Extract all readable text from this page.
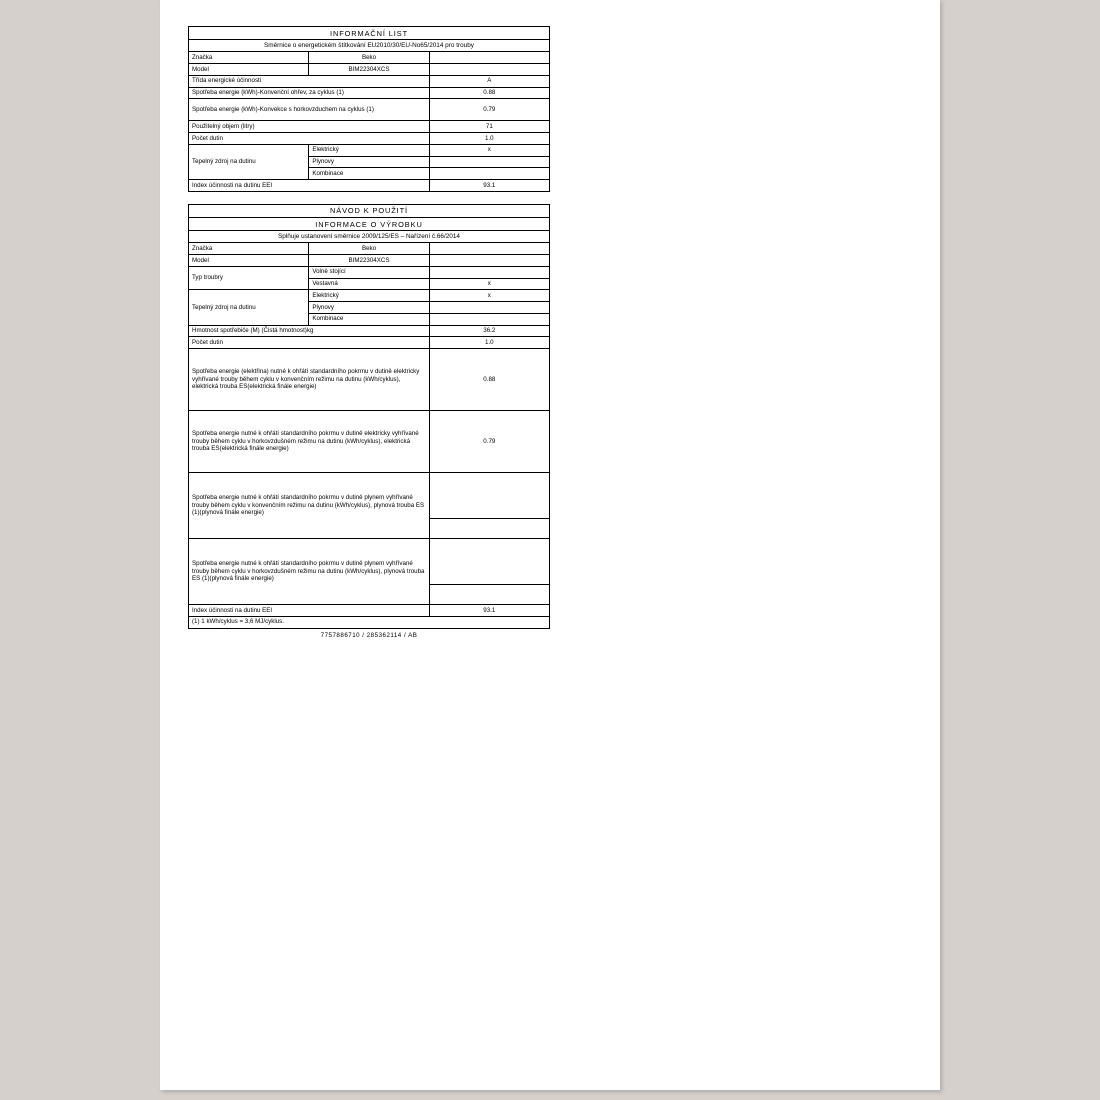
INFORMAČNÍ LIST		
Směrnice o energetickém štítkování EU2010/30/EU-No65/2014 pro trouby		
Značka	Beko	
Model	BIM22304XCS	
Třída energické účinnosti		A
Spotřeba energie (kWh)-Konvenční ohřev, za cyklus (1)		0.88
Spotřeba energie (kWh)-Konvekce s horkovzduchem na cyklus (1)		0.79
Použitelný objem (litry)		71
Počet dutin		1.0
Tepelný zdroj na dutinu	Elektrický	x
	Plynovy	
	Kombinace	
Index účinnosti na dutinu EEI		93.1
NÁVOD K POUŽITÍ		
INFORMACE O VÝROBKU		
Splňuje ustanovení směrnice 2009/125/ES – Nařízení č.66/2014		
Značka	Beko	
Model	BIM22304XCS	
Typ troubry	Volně stojící	
	Vestavná	x
Tepelný zdroj na dutinu	Elektrický	x
	Plynovy	
	Kombinace	
Hmotnost spotřebiče (M) (Čistá hmotnost)kg		36.2
Počet dutin		1.0
Spotřeba energie (elektřina) nutné k ohřátí standardního pokrmu v dutině elektricky vyhřívané trouby během cyklu v konvenčním režimu na dutinu (kWh/cyklus), elektrická trouba ES(elektrická finále energie)		0.88
Spotřeba energie nutné k ohřátí standardního pokrmu v dutině elektricky vyhřívané trouby během cyklu v horkovzdušném režimu na dutinu (kWh/cyklus), elektrická trouba ES(elektrická finále energie)		0.79
Spotřeba energie nutné k ohřátí standardního pokrmu v dutině plynem vyhřívané trouby během cyklu v konvenčním režimu na dutinu (kWh/cyklus), plynová trouba ES (1)(plynová finále energie)		

Spotřeba energie nutné k ohřátí standardního pokrmu v dutině plynem vyhřívané trouby během cyklu v horkovzdušném režimu na dutinu (kWh/cyklus), plynová trouba ES (1)(plynová finále energie)		

Index účinnosti na dutinu EEI		93.1
(1) 1 kWh/cyklus = 3,6 MJ/cyklus.		
7757886710 / 285362114 / AB
